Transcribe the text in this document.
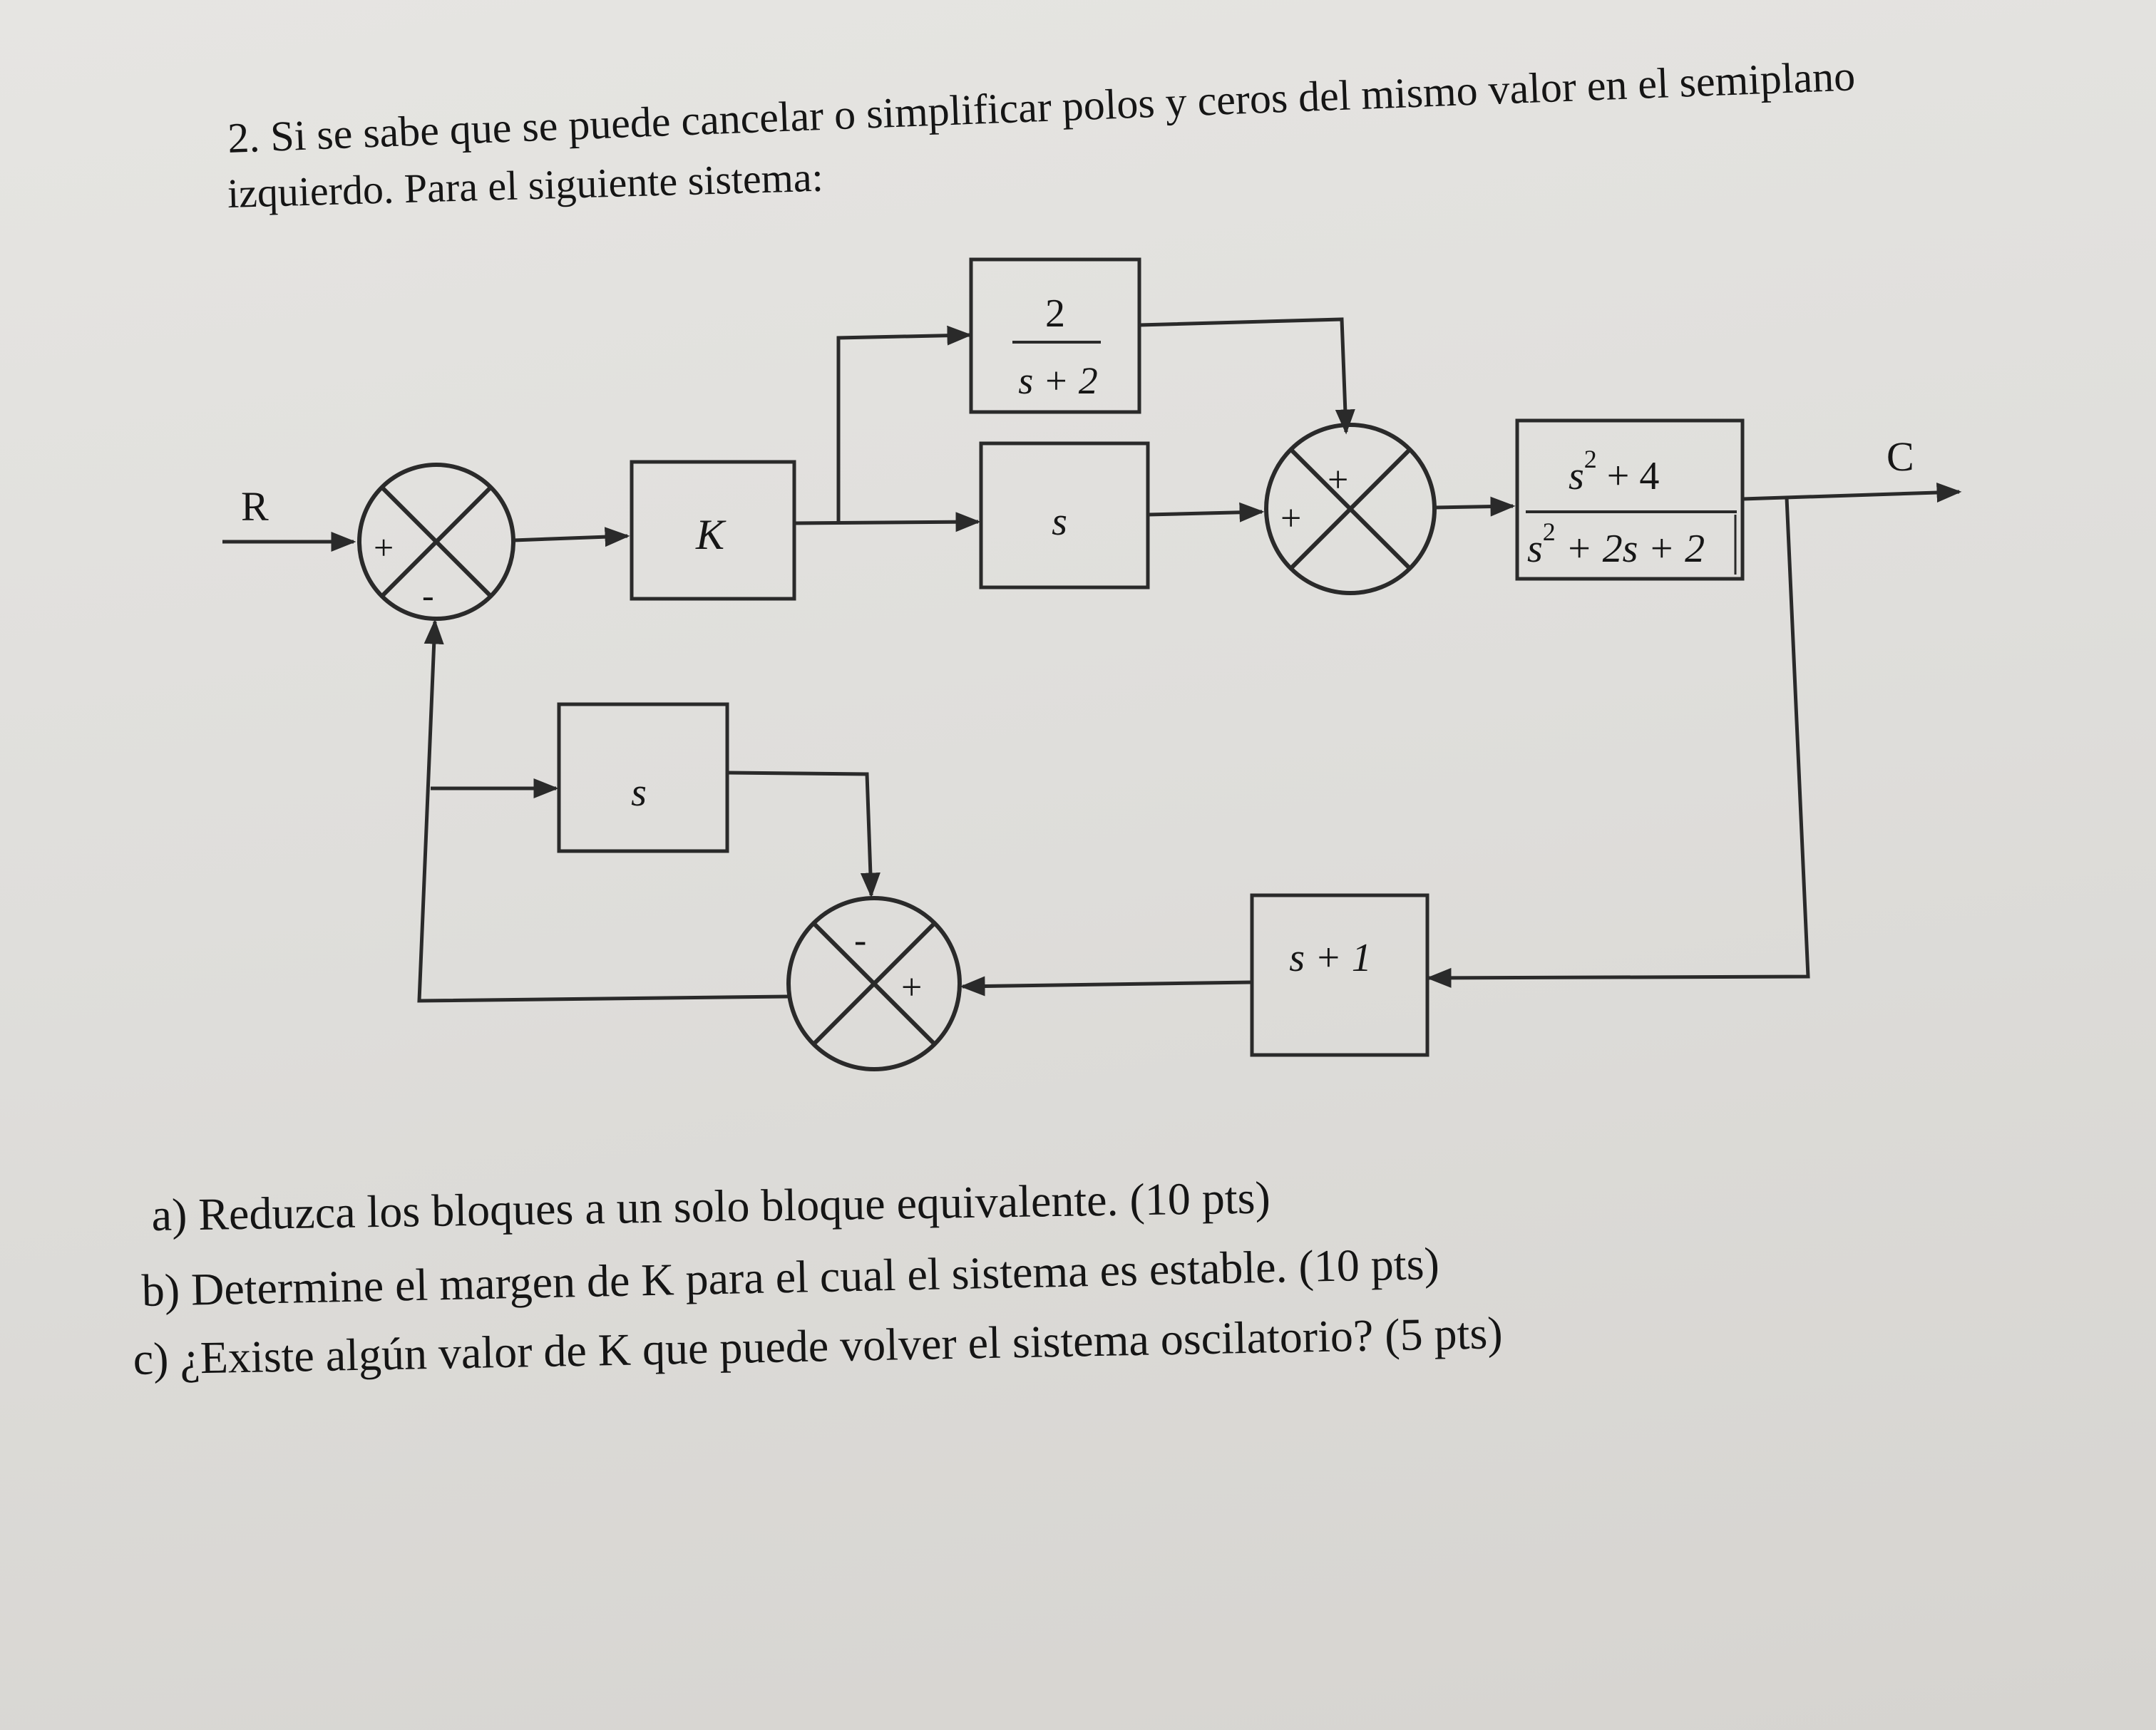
2. Si se sabe que se puede cancelar o simplificar polos y ceros del mismo valor en el semiplano
izquierdo. Para el siguiente sistema:
R
+
-
K
2
s + 2
s
+
+
$s^2 + 4$
$s^2 + 2s + 2$
C
s + 1
-
+
s
a) Reduzca los bloques a un solo bloque equivalente. (10 pts)
b) Determine el margen de K para el cual el sistema es estable. (10 pts)
c) ¿Existe algún valor de K que puede volver el sistema oscilatorio? (5 pts)
